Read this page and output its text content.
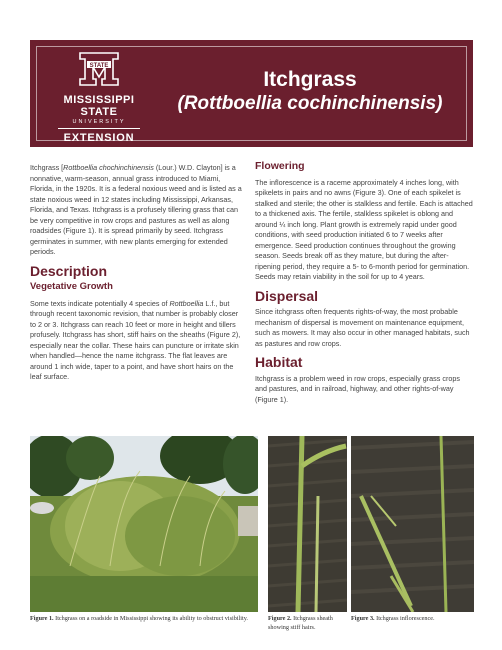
STATE
MISSISSIPPI STATE
UNIVERSITY
EXTENSION
Itchgrass
(Rottboellia cochinchinensis)

Itchgrass [Rottboellia chochinchinensis (Lour.) W.D. Clayton] is a nonnative, warm-season, annual grass introduced to Miami, Florida, in the 1920s. It is a federal noxious weed and is listed as a state noxious weed in 12 states including Mississippi, Arkansas, Florida, and Texas. Itchgrass is a profusely tillering grass that can be very competitive in row crops and pastures as well as along roadsides (Figure 1). It is spread primarily by seed. Itchgrass germinates in summer, with new plants emerging for extended periods.

Description
Vegetative Growth

Some texts indicate potentially 4 species of Rottboellia L.f., but through recent taxonomic revision, that number is probably closer to 2 or 3. Itchgrass can reach 10 feet or more in height and tillers profusely. Itchgrass has short, stiff hairs on the sheaths (Figure 2), especially near the collar. These hairs can puncture or irritate skin when handled—hence the name itchgrass. The flat leaves are around 1 inch wide, taper to a point, and have short hairs on the leaf surface.

Flowering

The inflorescence is a raceme approximately 4 inches long, with spikelets in pairs and no awns (Figure 3). One of each spikelet is stalked and sterile; the other is stalkless and fertile. Each is attached to a thickened axis. The fertile, stalkless spikelet is oblong and around ¼ inch long. Plant growth is extremely rapid under good conditions, with seed production initiated 6 to 7 weeks after emergence. Seed production continues throughout the growing season. Seeds break off as they mature, but during the after-ripening period, they require a 5- to 6-month period for germination. Seeds may retain viability in the soil for up to 4 years.

Dispersal

Since itchgrass often frequents rights-of-way, the most probable mechanism of dispersal is movement on maintenance equipment, such as mowers. It may also occur in other managed habitats, such as pastures and row crops.

Habitat

Itchgrass is a problem weed in row crops, especially grass crops and pastures, and in railroad, highway, and other rights-of-way (Figure 1).

Figure 1. Itchgrass on a roadside in Mississippi showing its ability to obstruct visibility.	Figure 2. Itchgrass sheath showing stiff hairs.
Figure 3. Itchgrass inflorescence.
